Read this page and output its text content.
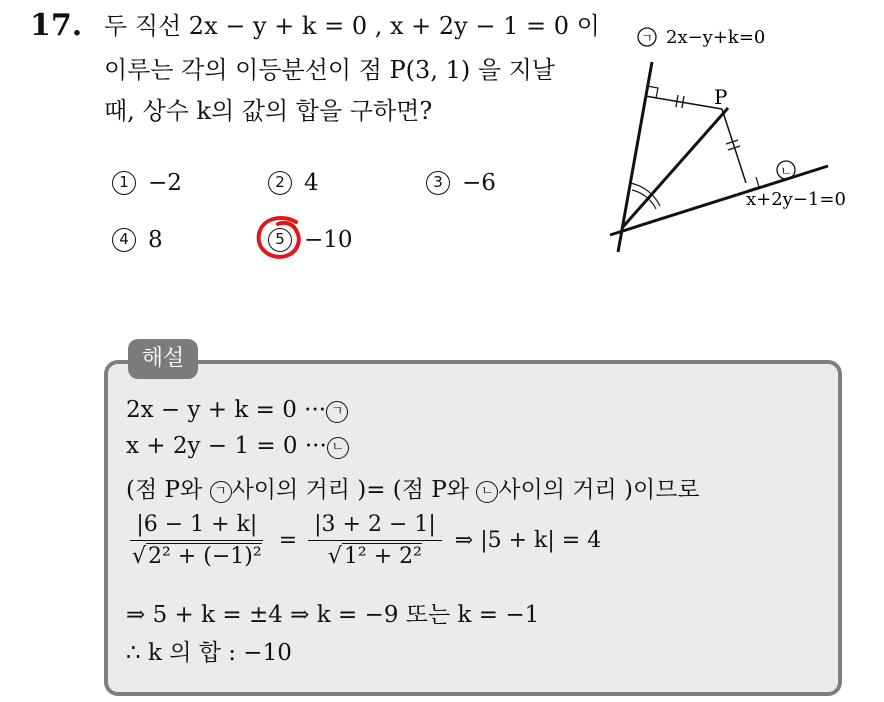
17. 두 직선 2x − y + k = 0 , x + 2y − 1 = 0 이
이루는 각의 이등분선이 점 P(3, 1) 을 지날
때, 상수 k의 값의 합을 구하면?
1 −2	2 4	3 −6
4 8	5 −10
ㄱ 2x−y+k=0
P
ㄴ
x+2y−1=0
해설
2x − y + k = 0 ··· ㄱ
x + 2y − 1 = 0 ··· ㄴ
(점 P와 ㄱ 사이의 거리 )= (점 P와 ㄴ 사이의 거리 )이므로
$\frac{|6 - 1 + k|}{\text{√2² + (−1)²}} = \frac{|3 + 2 - 1|}{\text{√1² + 2²}}$ ⇒ |5 + k| = 4
⇒ 5 + k = ±4 ⇒ k = −9 또는 k = −1
∴ k 의 합 : −10
